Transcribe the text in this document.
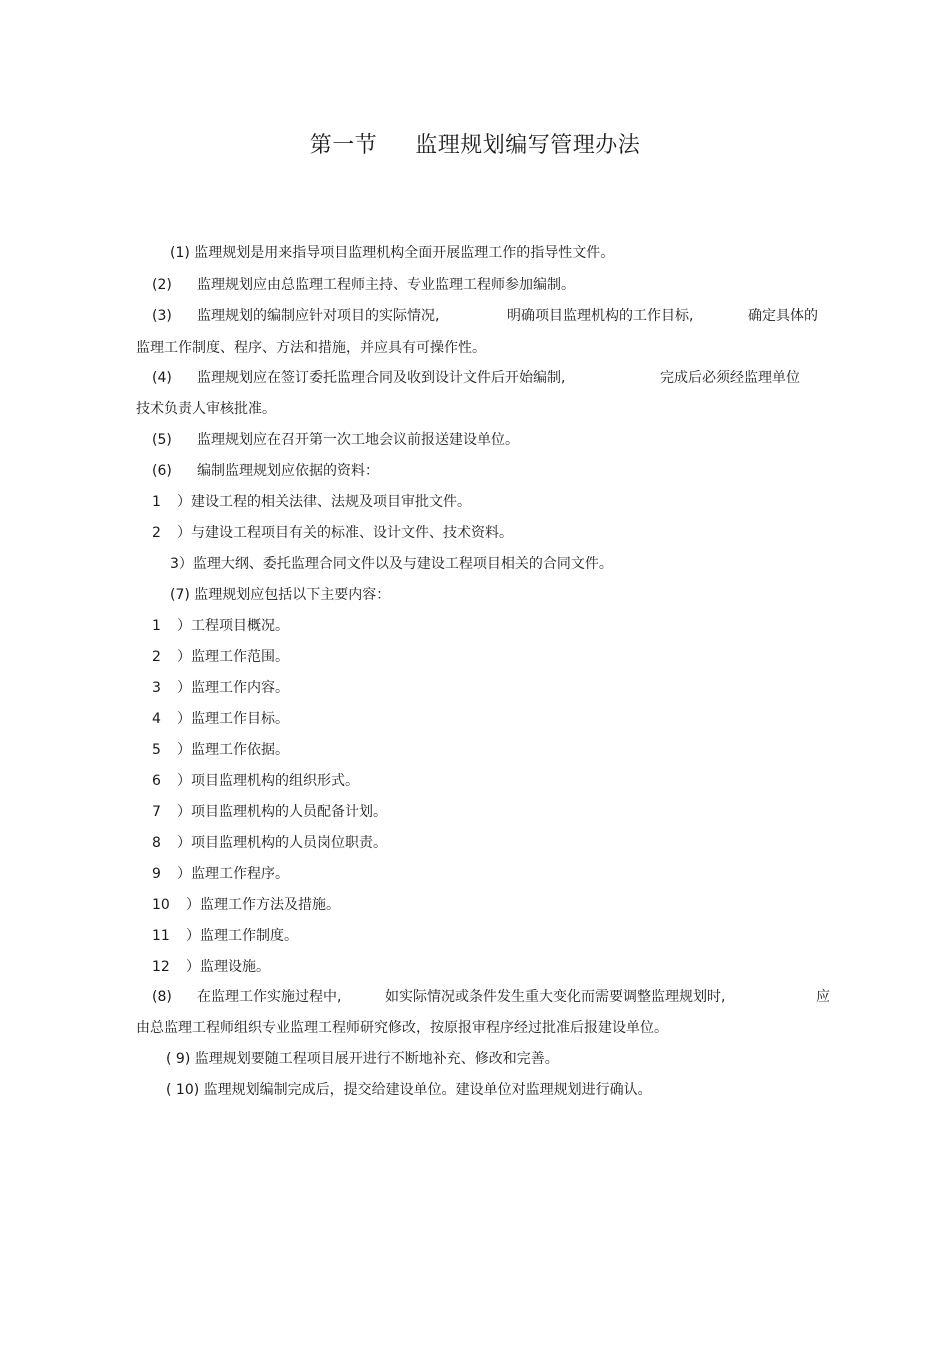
第一节 监理规划编写管理办法
(1) 监理规划是用来指导项目监理机构全面开展监理工作的指导性文件。
(2) 监理规划应由总监理工程师主持、专业监理工程师参加编制。
(3) 监理规划的编制应针对项目的实际情况,	明确项目监理机构的工作目标,	确定具体的
监理工作制度、程序、方法和措施，并应具有可操作性。
(4) 监理规划应在签订委托监理合同及收到设计文件后开始编制,	完成后必须经监理单位
技术负责人审核批准。
(5) 监理规划应在召开第一次工地会议前报送建设单位。
(6) 编制监理规划应依据的资料：
1 ）建设工程的相关法律、法规及项目审批文件。
2 ）与建设工程项目有关的标准、设计文件、技术资料。
3）监理大纲、委托监理合同文件以及与建设工程项目相关的合同文件。
(7) 监理规划应包括以下主要内容：
1 ）工程项目概况。
2 ）监理工作范围。
3 ）监理工作内容。
4 ）监理工作目标。
5 ）监理工作依据。
6 ）项目监理机构的组织形式。
7 ）项目监理机构的人员配备计划。
8 ）项目监理机构的人员岗位职责。
9 ）监理工作程序。
10 ）监理工作方法及措施。
11 ）监理工作制度。
12 ）监理设施。
(8) 在监理工作实施过程中,	如实际情况或条件发生重大变化而需要调整监理规划时,	应
由总监理工程师组织专业监理工程师研究修改，按原报审程序经过批准后报建设单位。
( 9) 监理规划要随工程项目展开进行不断地补充、修改和完善。
( 10) 监理规划编制完成后，提交给建设单位。建设单位对监理规划进行确认。
